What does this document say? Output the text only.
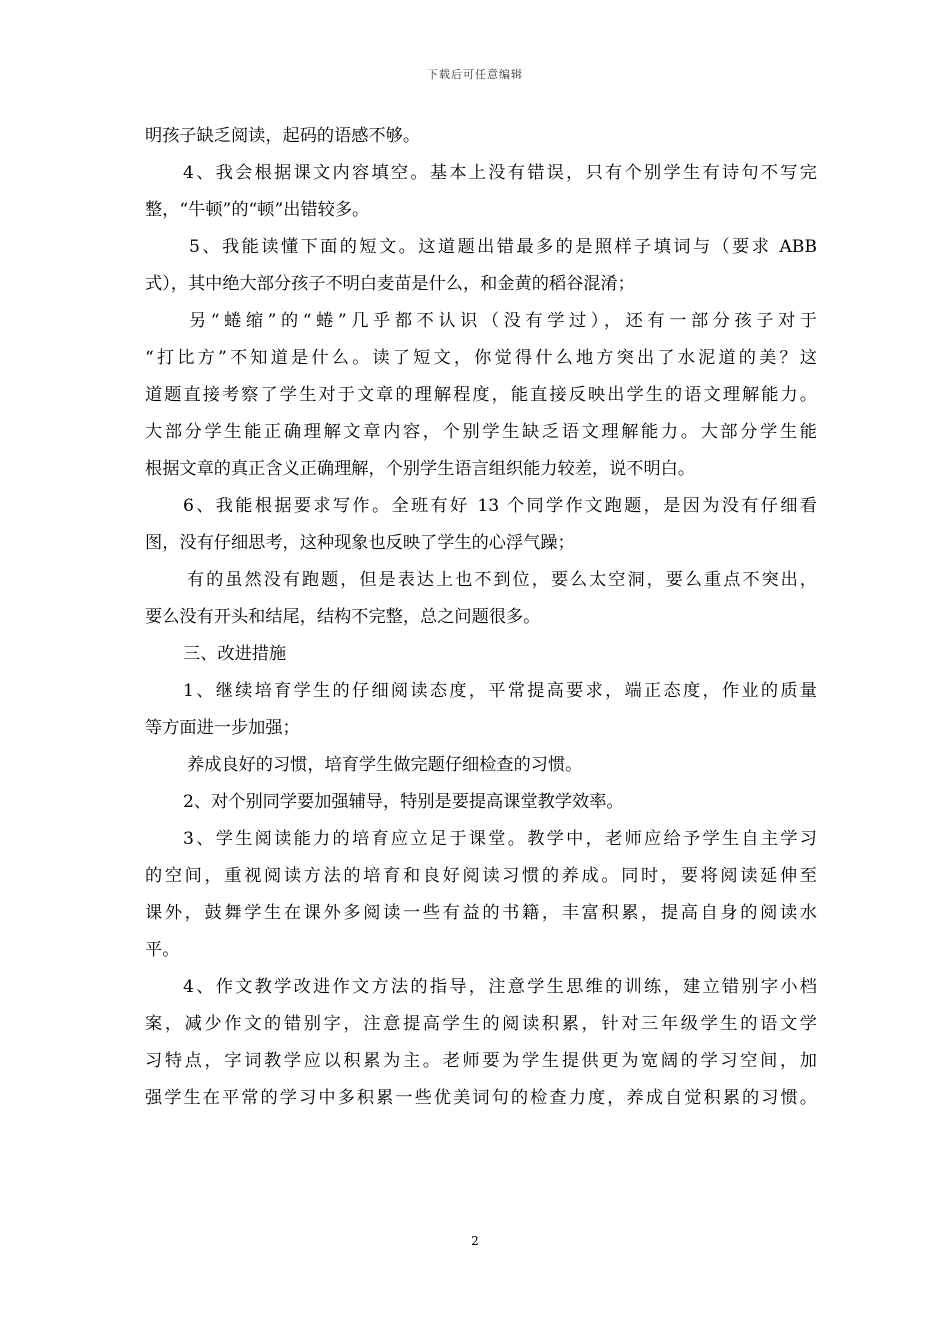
下载后可任意编辑
明孩子缺乏阅读，起码的语感不够。
4、我会根据课文内容填空。基本上没有错误，只有个别学生有诗句不写完
整，“牛顿”的“顿”出错较多。
5、我能读懂下面的短文。这道题出错最多的是照样子填词与（要求 ABB
式），其中绝大部分孩子不明白麦苗是什么，和金黄的稻谷混淆；
另“蜷缩”的“蜷”几乎都不认识（没有学过），还有一部分孩子对于
“打比方”不知道是什么。读了短文，你觉得什么地方突出了水泥道的美？这
道题直接考察了学生对于文章的理解程度，能直接反映出学生的语文理解能力。
大部分学生能正确理解文章内容，个别学生缺乏语文理解能力。大部分学生能
根据文章的真正含义正确理解，个别学生语言组织能力较差，说不明白。
6、我能根据要求写作。全班有好 13 个同学作文跑题，是因为没有仔细看
图，没有仔细思考，这种现象也反映了学生的心浮气躁；
有的虽然没有跑题，但是表达上也不到位，要么太空洞，要么重点不突出，
要么没有开头和结尾，结构不完整，总之问题很多。
三、改进措施
1、继续培育学生的仔细阅读态度，平常提高要求，端正态度，作业的质量
等方面进一步加强；
养成良好的习惯，培育学生做完题仔细检查的习惯。
2、对个别同学要加强辅导，特别是要提高课堂教学效率。
3、学生阅读能力的培育应立足于课堂。教学中，老师应给予学生自主学习
的空间，重视阅读方法的培育和良好阅读习惯的养成。同时，要将阅读延伸至
课外，鼓舞学生在课外多阅读一些有益的书籍，丰富积累，提高自身的阅读水
平。
4、作文教学改进作文方法的指导，注意学生思维的训练，建立错别字小档
案，减少作文的错别字，注意提高学生的阅读积累，针对三年级学生的语文学
习特点，字词教学应以积累为主。老师要为学生提供更为宽阔的学习空间，加
强学生在平常的学习中多积累一些优美词句的检查力度，养成自觉积累的习惯。
2
